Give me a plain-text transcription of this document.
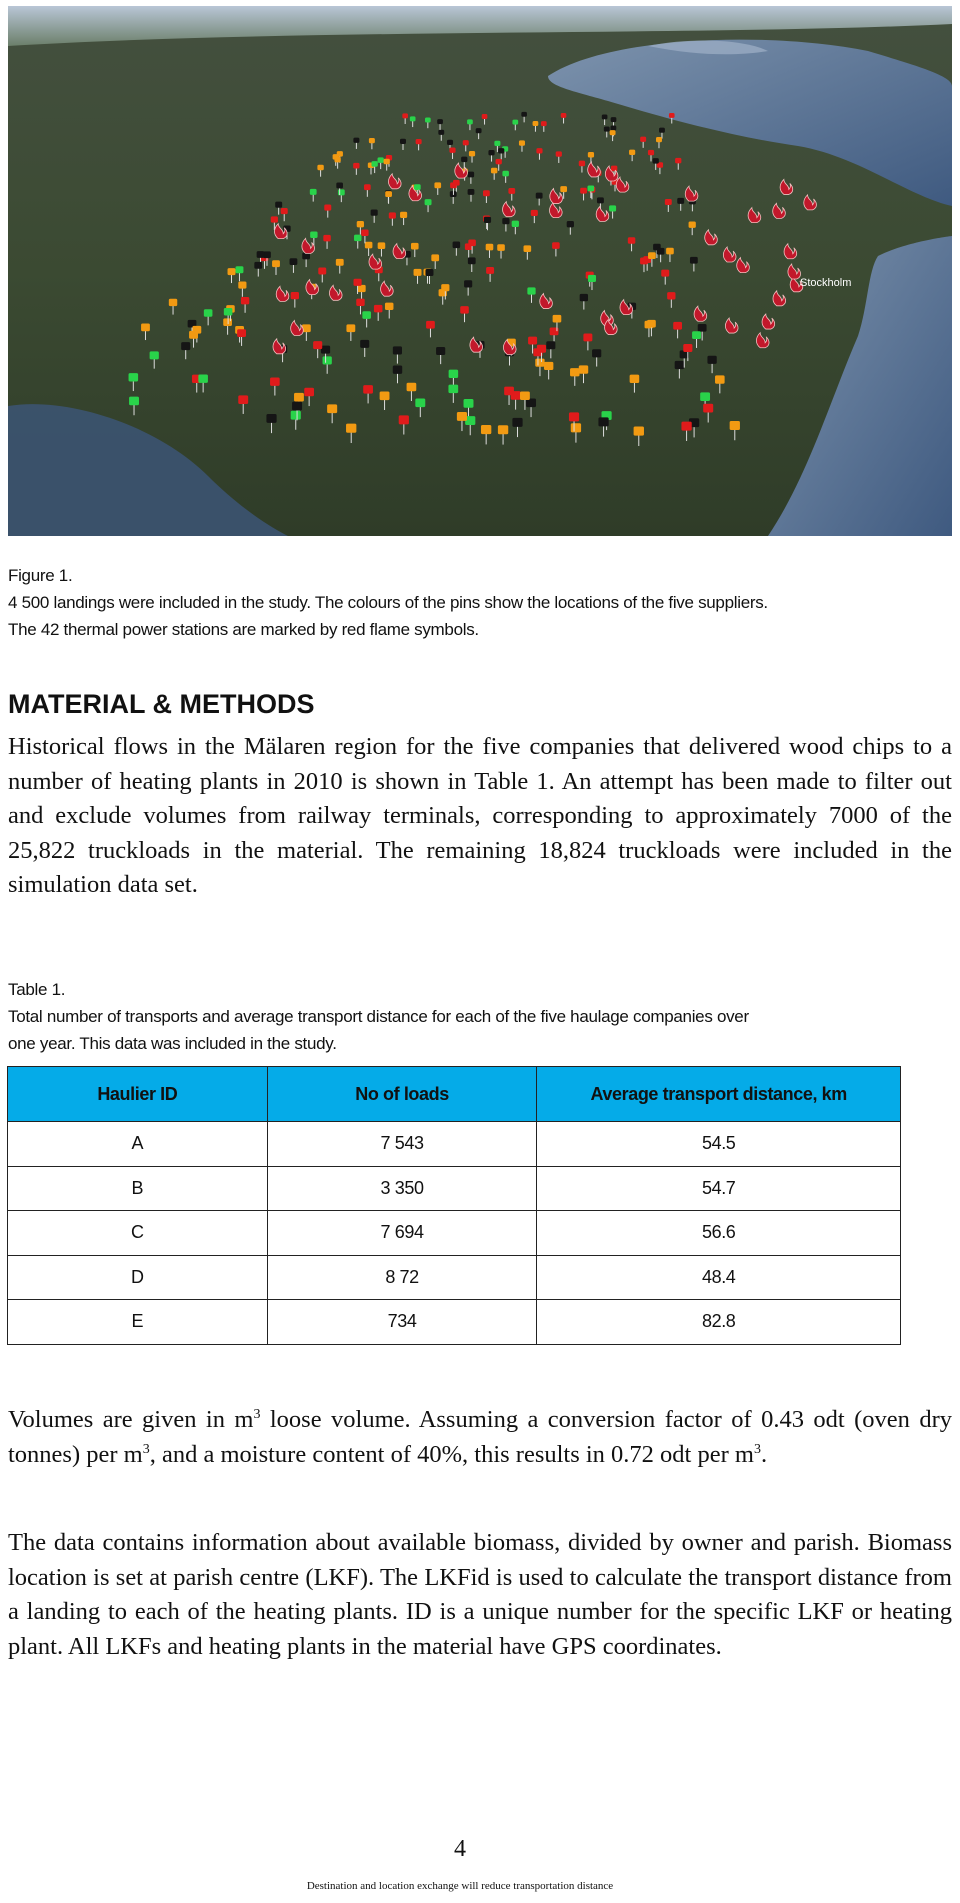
Stockholm
Figure 1.
4 500 landings were included in the study. The colours of the pins show the locations of the five suppliers.
The 42 thermal power stations are marked by red flame symbols.
MATERIAL & METHODS
Historical flows in the Mälaren region for the five companies that delivered wood chips to a number of heating plants in 2010 is shown in Table 1. An attempt has been made to filter out and exclude volumes from railway terminals, corresponding to approximately 7000 of the 25,822 truckloads in the material. The remaining 18,824 truckloads were included in the simulation data set.
Table 1.
Total number of transports and average transport distance for each of the five haulage companies over
one year. This data was included in the study.
Haulier ID	No of loads	Average transport distance, km
A	7 543	54.5
B	3 350	54.7
C	7 694	56.6
D	8 72	48.4
E	734	82.8
Volumes are given in $m^3$ loose volume. Assuming a conversion factor of 0.43 odt (oven dry tonnes) per $m^3$, and a moisture content of 40%, this results in 0.72 odt per $m^3$.
The data contains information about available biomass, divided by owner and parish. Biomass location is set at parish centre (LKF). The LKFid is used to calculate the transport distance from a landing to each of the heating plants. ID is a unique number for the specific LKF or heating plant. All LKFs and heating plants in the material have GPS coordinates.
4
Destination and location exchange will reduce transportation distance
